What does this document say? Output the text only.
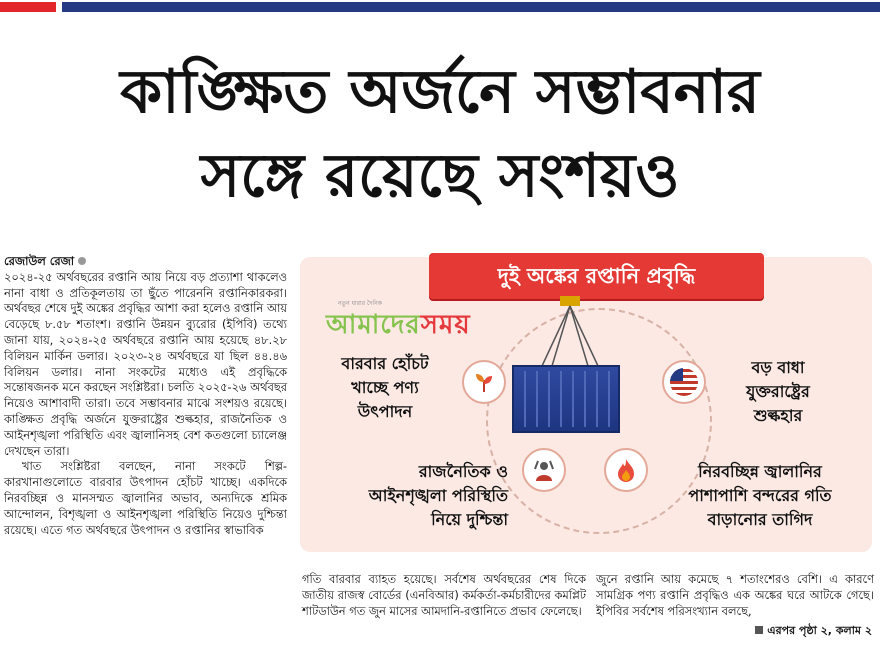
কাঙ্ক্ষিত অর্জনে সম্ভাবনার
সঙ্গে রয়েছে সংশয়ও

রেজাউল রেজা

২০২৪-২৫ অর্থবছরের রপ্তানি আয় নিয়ে বড় প্রত্যাশা থাকলেও নানা বাধা ও প্রতিকূলতায় তা ছুঁতে পারেননি রপ্তানিকারকরা। অর্থবছর শেষে দুই অঙ্কের প্রবৃদ্ধির আশা করা হলেও রপ্তানি আয় বেড়েছে ৮.৫৮ শতাংশ। রপ্তানি উন্নয়ন ব্যুরোর (ইপিবি) তথ্যে জানা যায়, ২০২৪-২৫ অর্থবছরে রপ্তানি আয় হয়েছে ৪৮.২৮ বিলিয়ন মার্কিন ডলার। ২০২৩-২৪ অর্থবছরে যা ছিল ৪৪.৪৬ বিলিয়ন ডলার। নানা সংকটের মধ্যেও এই প্রবৃদ্ধিকে সন্তোষজনক মনে করছেন সংশ্লিষ্টরা। চলতি ২০২৫-২৬ অর্থবছর নিয়েও আশাবাদী তারা। তবে সম্ভাবনার মাঝে সংশয়ও রয়েছে। কাঙ্ক্ষিত প্রবৃদ্ধি অর্জনে যুক্তরাষ্ট্রের শুল্কহার, রাজনৈতিক ও আইনশৃঙ্খলা পরিস্থিতি এবং জ্বালানিসহ বেশ কতগুলো চ্যালেঞ্জ দেখছেন তারা।

খাত সংশ্লিষ্টরা বলছেন, নানা সংকটে শিল্প-কারখানাগুলোতে বারবার উৎপাদন হোঁচট খাচ্ছে। একদিকে নিরবচ্ছিন্ন ও মানসম্মত জ্বালানির অভাব, অন্যদিকে শ্রমিক আন্দোলন, বিশৃঙ্খলা ও আইনশৃঙ্খলা পরিস্থিতি নিয়েও দুশ্চিন্তা রয়েছে। এতে গত অর্থবছরে উৎপাদন ও রপ্তানির স্বাভাবিক

দুই অঙ্কের রপ্তানি প্রবৃদ্ধি
নতুন ধারার দৈনিক
আমাদেরসময়
বারবার হোঁচট
খাচ্ছে পণ্য
উৎপাদন
বড় বাধা
যুক্তরাষ্ট্রের
শুল্কহার
রাজনৈতিক ও
আইনশৃঙ্খলা পরিস্থিতি
নিয়ে দুশ্চিন্তা
নিরবচ্ছিন্ন জ্বালানির
পাশাপাশি বন্দরের গতি
বাড়ানোর তাগিদ

গতি বারবার ব্যাহত হয়েছে। সর্বশেষ অর্থবছরের শেষ দিকে জাতীয় রাজস্ব বোর্ডের (এনবিআর) কর্মকর্তা-কর্মচারীদের কমপ্লিট শাটডাউন গত জুন মাসের আমদানি-রপ্তানিতে প্রভাব ফেলেছে।

জুনে রপ্তানি আয় কমেছে ৭ শতাংশেরও বেশি। এ কারণে সামগ্রিক পণ্য রপ্তানি প্রবৃদ্ধিও এক অঙ্কের ঘরে আটকে গেছে। ইপিবির সর্বশেষ পরিসংখ্যান বলছে,

এরপর পৃষ্ঠা ২, কলাম ২
